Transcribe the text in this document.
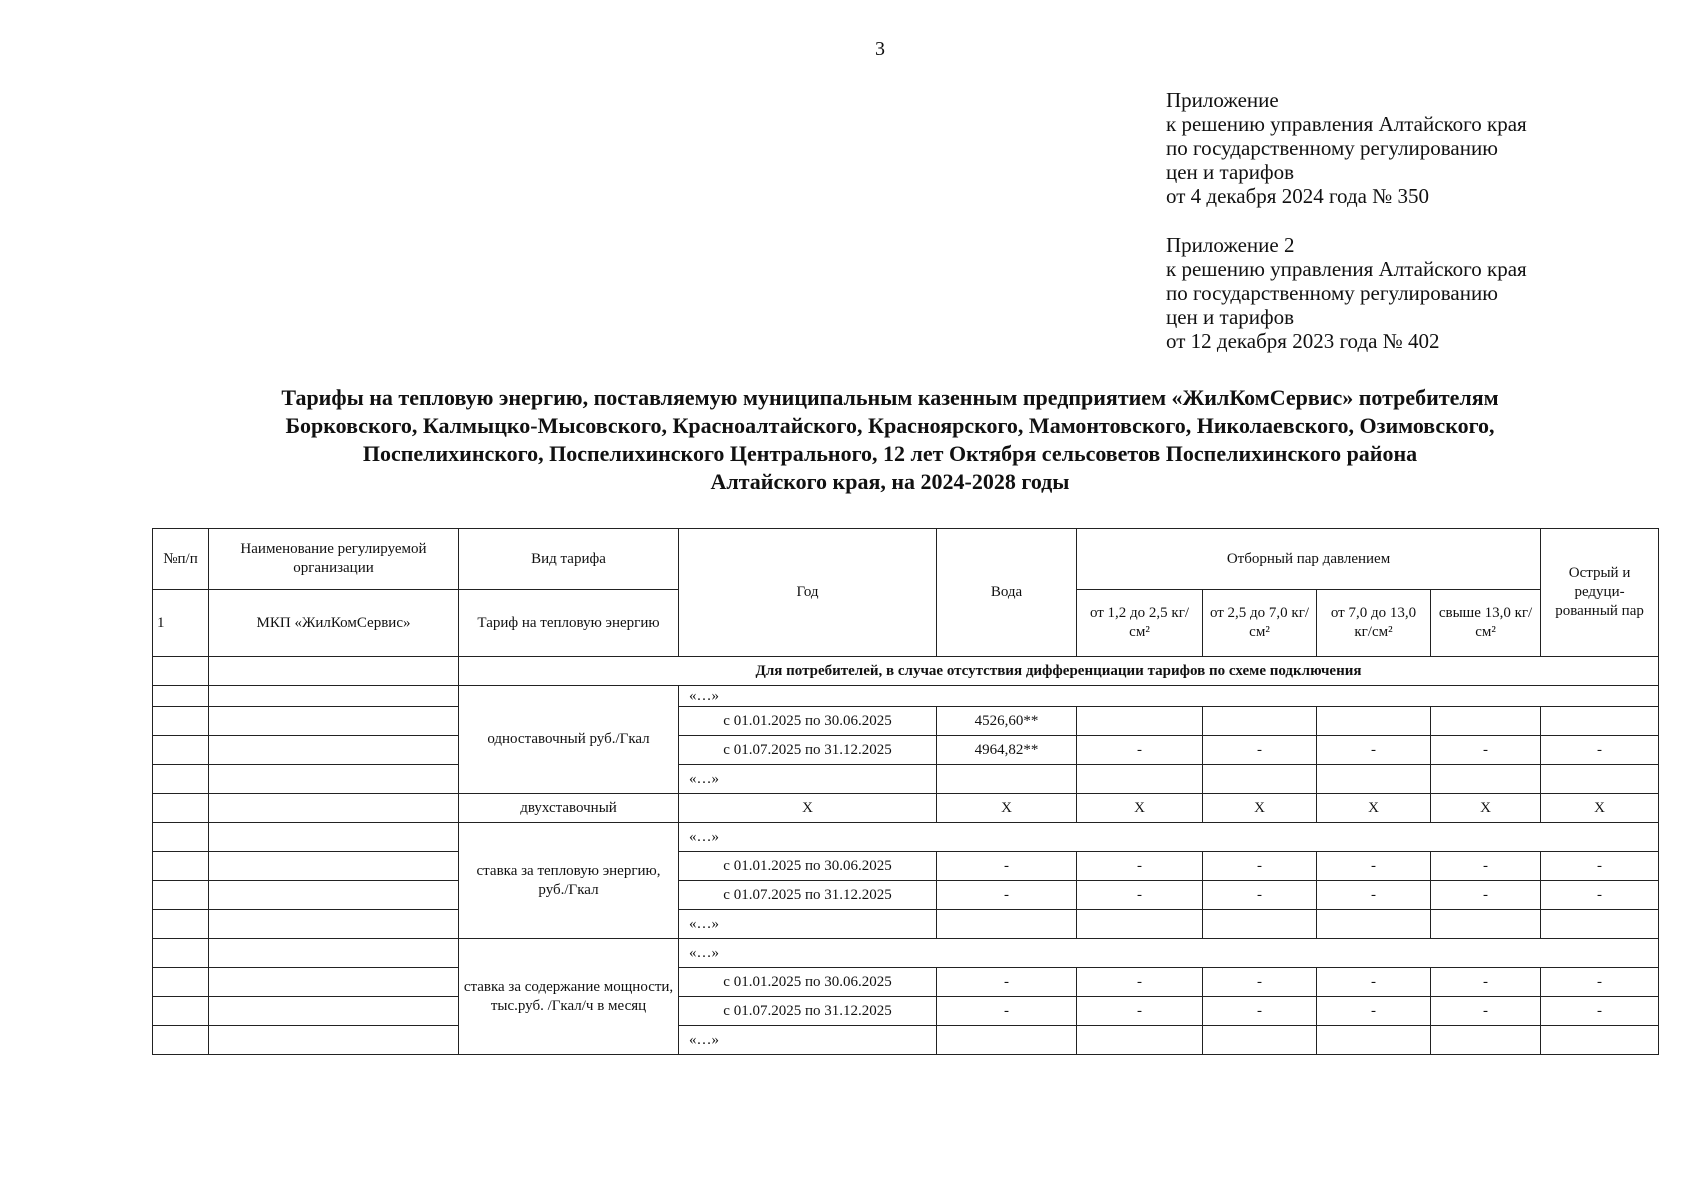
3
Приложение
к решению управления Алтайского края
по государственному регулированию
цен и тарифов
от 4 декабря 2024 года № 350
Приложение 2
к решению управления Алтайского края
по государственному регулированию
цен и тарифов
от 12 декабря 2023 года № 402
Тарифы на тепловую энергию, поставляемую муниципальным казенным предприятием «ЖилКомСервис» потребителям
Борковского, Калмыцко-Мысовского, Красноалтайского, Красноярского, Мамонтовского, Николаевского, Озимовского,
Поспелихинского, Поспелихинского Центрального, 12 лет Октября сельсоветов Поспелихинского района
Алтайского края, на 2024-2028 годы
№п/п	Наименование регулируемой организации	Вид тарифа	Год	Вода	Отборный пар давлением				Острый и редуци-рованный пар
1	МКП «ЖилКомСервис»	Тариф на тепловую энергию			от 1,2 до 2,5 кг/см²	от 2,5 до 7,0 кг/см²	от 7,0 до 13,0 кг/см²	свыше 13,0 кг/см²	
		Для потребителей, в случае отсутствия дифференциации тарифов по схеме подключения							
		одноставочный руб./Гкал	«…»						
			с 01.01.2025 по 30.06.2025	4526,60**					
			с 01.07.2025 по 31.12.2025	4964,82**	-	-	-	-	-
			«…»						
		двухставочный	Х	Х	Х	Х	Х	Х	Х
		ставка за тепловую энергию, руб./Гкал	«…»						
			с 01.01.2025 по 30.06.2025	-	-	-	-	-	-
			с 01.07.2025 по 31.12.2025	-	-	-	-	-	-
			«…»						
		ставка за содержание мощности, тыс.руб. /Гкал/ч в месяц	«…»						
			с 01.01.2025 по 30.06.2025	-	-	-	-	-	-
			с 01.07.2025 по 31.12.2025	-	-	-	-	-	-
			«…»						
